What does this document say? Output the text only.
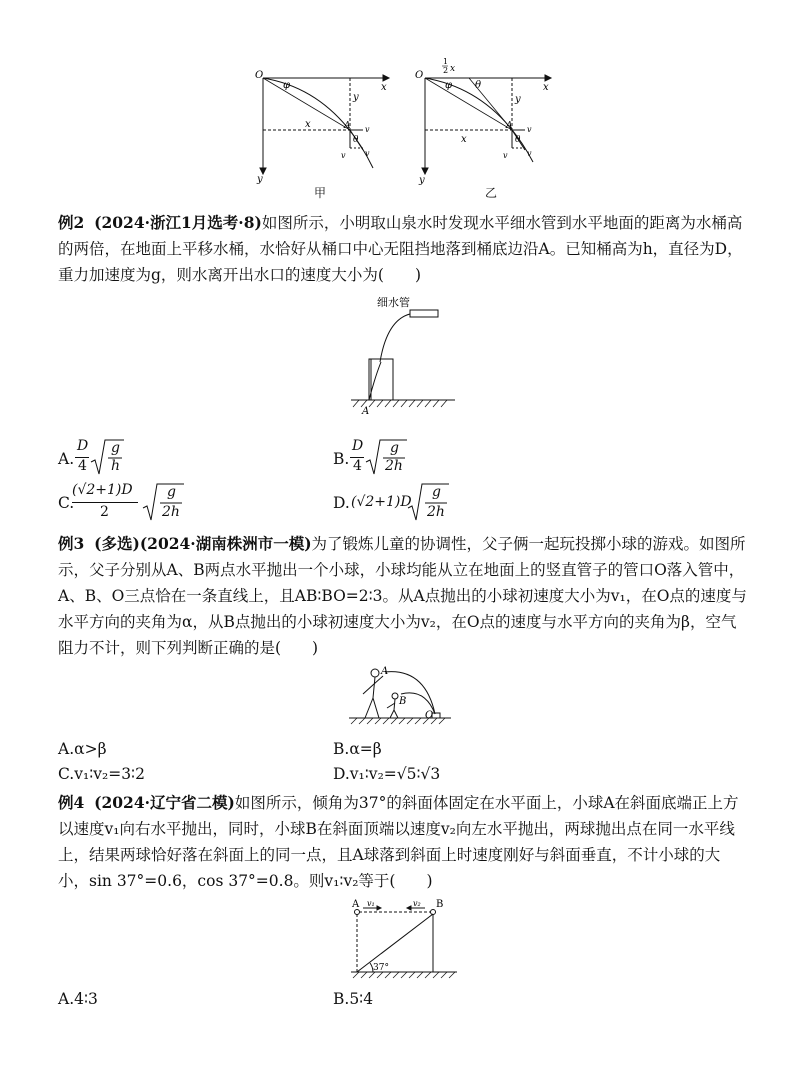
O
x
y
φ
x
y
A
θ
v
v v
O
1
2 x
x
y
φ θ
x
y
A
θ
v
v v
甲	乙
例2 (2024·浙江1月选考·8)如图所示，小明取山泉水时发现水平细水管到水平地面的距离为水桶高的两倍，在地面上平移水桶，水恰好从桶口中心无阻挡地落到桶底边沿A。已知桶高为h，直径为D，重力加速度为g，则水离开出水口的速度大小为(　　)
细水管
A
A.
D
4
g
h	B.
D
4
g
2h
C.
(√2+1)D
2
g
2h	D. (√2+1)D
g
2h
例3 (多选)(2024·湖南株洲市一模)为了锻炼儿童的协调性，父子俩一起玩投掷小球的游戏。如图所示，父子分别从A、B两点水平抛出一个小球，小球均能从立在地面上的竖直管子的管口O落入管中，A、B、O三点恰在一条直线上，且AB∶BO=2∶3。从A点抛出的小球初速度大小为v₁，在O点的速度与水平方向的夹角为α，从B点抛出的小球初速度大小为v₂，在O点的速度与水平方向的夹角为β，空气阻力不计，则下列判断正确的是(　　)
A
B
O
A.α>β	B.α=β
C.v₁∶v₂=3∶2	D.v₁∶v₂=√5∶√3
例4 (2024·辽宁省二模)如图所示，倾角为37°的斜面体固定在水平面上，小球A在斜面底端正上方以速度v₁向右水平抛出，同时，小球B在斜面顶端以速度v₂向左水平抛出，两球抛出点在同一水平线上，结果两球恰好落在斜面上的同一点，且A球落到斜面上时速度刚好与斜面垂直，不计小球的大小，sin 37°=0.6，cos 37°=0.8。则v₁∶v₂等于(　　)
A	B
v₁	v₂
37°
A.4∶3	B.5∶4
